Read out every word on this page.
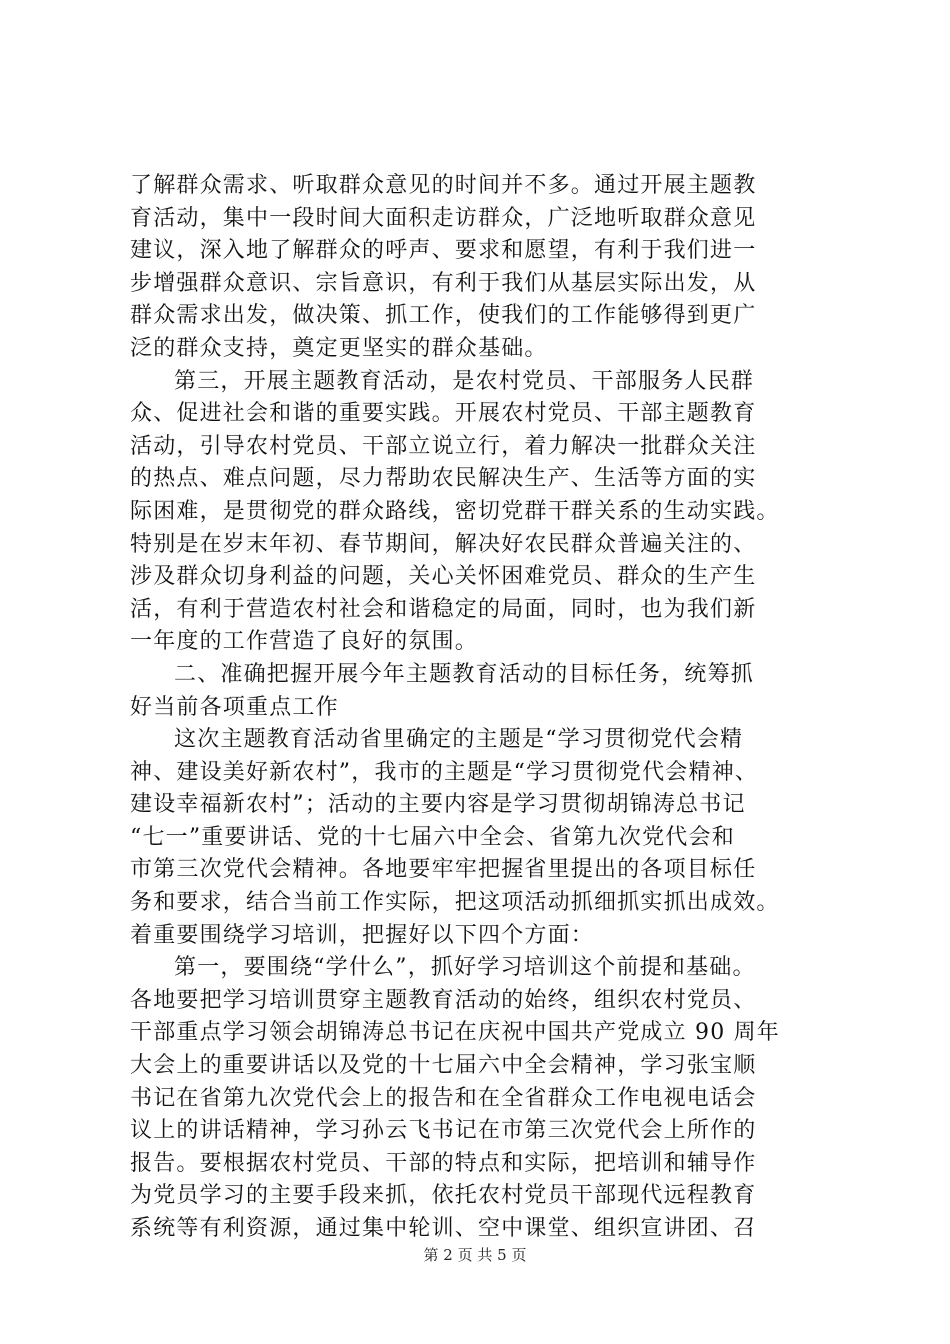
了解群众需求、听取群众意见的时间并不多。通过开展主题教
育活动，集中一段时间大面积走访群众，广泛地听取群众意见
建议，深入地了解群众的呼声、要求和愿望，有利于我们进一
步增强群众意识、宗旨意识，有利于我们从基层实际出发，从
群众需求出发，做决策、抓工作，使我们的工作能够得到更广
泛的群众支持，奠定更坚实的群众基础。
第三，开展主题教育活动，是农村党员、干部服务人民群
众、促进社会和谐的重要实践。开展农村党员、干部主题教育
活动，引导农村党员、干部立说立行，着力解决一批群众关注
的热点、难点问题，尽力帮助农民解决生产、生活等方面的实
际困难，是贯彻党的群众路线，密切党群干群关系的生动实践。
特别是在岁末年初、春节期间，解决好农民群众普遍关注的、
涉及群众切身利益的问题，关心关怀困难党员、群众的生产生
活，有利于营造农村社会和谐稳定的局面，同时，也为我们新
一年度的工作营造了良好的氛围。
二、准确把握开展今年主题教育活动的目标任务，统筹抓
好当前各项重点工作
这次主题教育活动省里确定的主题是“学习贯彻党代会精
神、建设美好新农村”，我市的主题是“学习贯彻党代会精神、
建设幸福新农村”；活动的主要内容是学习贯彻胡锦涛总书记
“七一”重要讲话、党的十七届六中全会、省第九次党代会和
市第三次党代会精神。各地要牢牢把握省里提出的各项目标任
务和要求，结合当前工作实际，把这项活动抓细抓实抓出成效。
着重要围绕学习培训，把握好以下四个方面：
第一，要围绕“学什么”，抓好学习培训这个前提和基础。
各地要把学习培训贯穿主题教育活动的始终，组织农村党员、
干部重点学习领会胡锦涛总书记在庆祝中国共产党成立 90 周年
大会上的重要讲话以及党的十七届六中全会精神，学习张宝顺
书记在省第九次党代会上的报告和在全省群众工作电视电话会
议上的讲话精神，学习孙云飞书记在市第三次党代会上所作的
报告。要根据农村党员、干部的特点和实际，把培训和辅导作
为党员学习的主要手段来抓，依托农村党员干部现代远程教育
系统等有利资源，通过集中轮训、空中课堂、组织宣讲团、召
第 2 页 共 5 页
